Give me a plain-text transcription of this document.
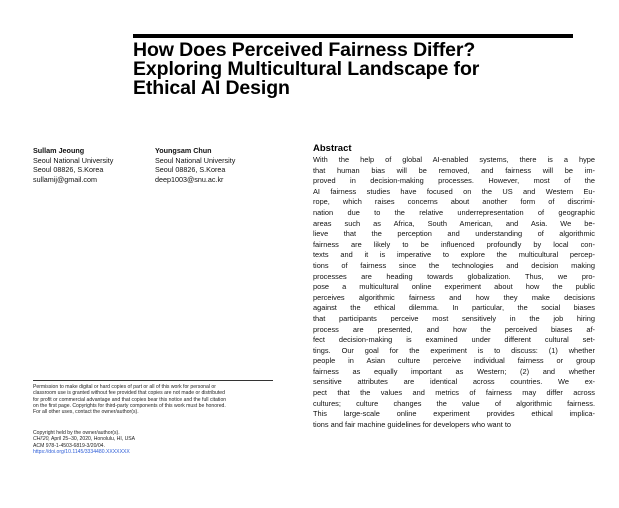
How Does Perceived Fairness Differ?
Exploring Multicultural Landscape for
Ethical AI Design
Sullam Jeoung
Seoul National University
Seoul 08826, S.Korea
sullamij@gmail.com
Youngsam Chun
Seoul National University
Seoul 08826, S.Korea
deep1003@snu.ac.kr
Abstract
With the help of global AI-enabled systems, there is a hype
that human bias will be removed, and fairness will be im-
proved in decision-making processes. However, most of the
AI fairness studies have focused on the US and Western Eu-
rope, which raises concerns about another form of discrimi-
nation due to the relative underrepresentation of geographic
areas such as Africa, South American, and Asia. We be-
lieve that the perception and understanding of algorithmic
fairness are likely to be influenced profoundly by local con-
texts and it is imperative to explore the multicultural percep-
tions of fairness since the technologies and decision making
processes are heading towards globalization. Thus, we pro-
pose a multicultural online experiment about how the public
perceives algorithmic fairness and how they make decisions
against the ethical dilemma. In particular, the social biases
that participants perceive most sensitively in the job hiring
process are presented, and how the perceived biases af-
fect decision-making is examined under different cultural set-
tings. Our goal for the experiment is to discuss: (1) whether
people in Asian culture perceive individual fairness or group
fairness as equally important as Western; (2) and whether
sensitive attributes are identical across countries. We ex-
pect that the values and metrics of fairness may differ across
cultures; culture changes the value of algorithmic fairness.
This large-scale online experiment provides ethical implica-
tions and fair machine guidelines for developers who want to
Permission to make digital or hard copies of part or all of this work for personal or
classroom use is granted without fee provided that copies are not made or distributed
for profit or commercial advantage and that copies bear this notice and the full citation
on the first page. Copyrights for third-party components of this work must be honored.
For all other uses, contact the owner/author(s).
Copyright held by the owner/author(s).
CHI'20, April 25–30, 2020, Honolulu, HI, USA
ACM 978-1-4503-6819-3/20/04.
https://doi.org/10.1145/3334480.XXXXXXX
